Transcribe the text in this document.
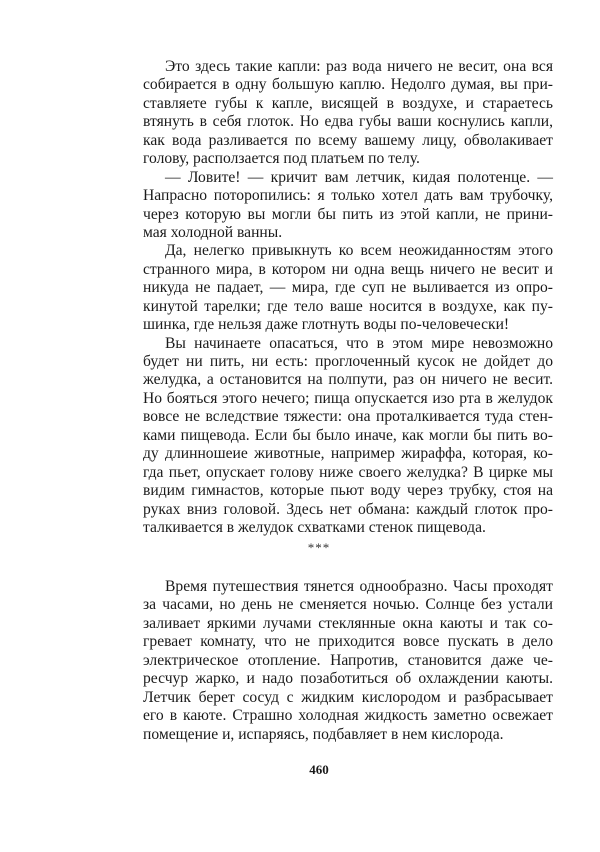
Это здесь такие капли: раз вода ничего не весит, она вся
собирается в одну большую каплю. Недолго думая, вы при-
ставляете губы к капле, висящей в воздухе, и стараетесь
втянуть в себя глоток. Но едва губы ваши коснулись капли,
как вода разливается по всему вашему лицу, обволакивает
голову, расползается под платьем по телу.
— Ловите! — кричит вам летчик, кидая полотенце. —
Напрасно поторопились: я только хотел дать вам трубочку,
через которую вы могли бы пить из этой капли, не прини-
мая холодной ванны.
Да, нелегко привыкнуть ко всем неожиданностям этого
странного мира, в котором ни одна вещь ничего не весит и
никуда не падает, — мира, где суп не выливается из опро-
кинутой тарелки; где тело ваше носится в воздухе, как пу-
шинка, где нельзя даже глотнуть воды по-человечески!
Вы начинаете опасаться, что в этом мире невозможно
будет ни пить, ни есть: проглоченный кусок не дойдет до
желудка, а остановится на полпути, раз он ничего не весит.
Но бояться этого нечего; пища опускается изо рта в желудок
вовсе не вследствие тяжести: она проталкивается туда стен-
ками пищевода. Если бы было иначе, как могли бы пить во-
ду длинношеие животные, например жираффа, которая, ко-
гда пьет, опускает голову ниже своего желудка? В цирке мы
видим гимнастов, которые пьют воду через трубку, стоя на
руках вниз головой. Здесь нет обмана: каждый глоток про-
талкивается в желудок схватками стенок пищевода.
***
Время путешествия тянется однообразно. Часы проходят
за часами, но день не сменяется ночью. Солнце без устали
заливает яркими лучами стеклянные окна каюты и так со-
гревает комнату, что не приходится вовсе пускать в дело
электрическое отопление. Напротив, становится даже че-
ресчур жарко, и надо позаботиться об охлаждении каюты.
Летчик берет сосуд с жидким кислородом и разбрасывает
его в каюте. Страшно холодная жидкость заметно освежает
помещение и, испаряясь, подбавляет в нем кислорода.
460
